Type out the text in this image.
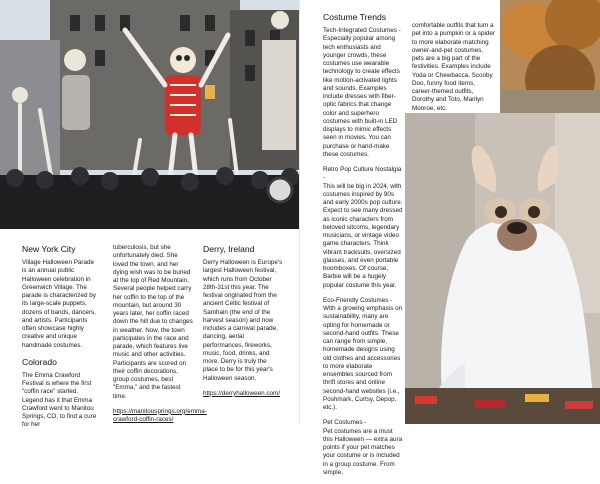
New York City

Village Halloween Parade is an annual public Halloween celebration in Greenwich Village. The parade is characterized by its large-scale puppets, dozens of bands, dancers, and artists. Participants often showcase highly creative and unique handmade costumes.

Colorado

The Emma Crawford Festival is where the first "coffin race" started. Legend has it that Emma Crawford went to Manitou Springs, CO, to find a cure for her

tuberculosis, but she unfortunately died. She loved the town, and her dying wish was to be buried at the top of Red Mountain. Several people helped carry her coffin to the top of the mountain, but around 30 years later, her coffin raced down the hill due to changes in weather. Now, the town participates in the race and parade, which features live music and other activities. Participants are scored on their coffin decorations, group costumes, best "Emma," and the fastest time.

https://manitousprings.org/emma-crawford-coffin-races/

Derry, Ireland

Derry Halloween is Europe's largest Halloween festival, which runs from October 28th-31st this year. The festival originated from the ancient Celtic festival of Samhain (the end of the harvest season) and now includes a carnival parade, dancing, aerial performances, fireworks, music, food, drinks, and more. Derry is truly the place to be for this year's Halloween season.

https://derryhalloween.com/

Costume Trends
Tech-Integrated Costumes -

Especially popular among tech enthusiasts and younger crowds, these costumes use wearable technology to create effects like motion-activated lights and sounds. Examples include dresses with fiber-optic fabrics that change color and superhero costumes with built-in LED displays to mimic effects seen in movies. You can purchase or hand-make these costumes.

Retro Pop Culture Nostalgia -

This will be big in 2024, with costumes inspired by 90s and early 2000s pop culture. Expect to see many dressed as iconic characters from beloved sitcoms, legendary musicians, or vintage video game characters. Think vibrant tracksuits, oversized glasses, and even portable boomboxes. Of course, Barbie will be a hugely popular costume this year.

Eco-Friendly Costumes -

With a growing emphasis on sustainability, many are opting for homemade or second-hand outfits. These can range from simple, homemade designs using old clothes and accessories to more elaborate ensembles sourced from thrift stores and online second-hand websites (i.e., Poshmark, Curtsy, Depop, etc.).

Pet Costumes -

Pet costumes are a must this Halloween — extra aura points if your pet matches your costume or is included in a group costume. From simple,

comfortable outfits that turn a pet into a pumpkin or a spider to more elaborate matching owner-and-pet costumes, pets are a big part of the festivities. Examples include Yoda or Chewbacca, Scooby Doo, funny food items, career-themed outfits, Dorothy and Toto, Marilyn Monroe, etc.
